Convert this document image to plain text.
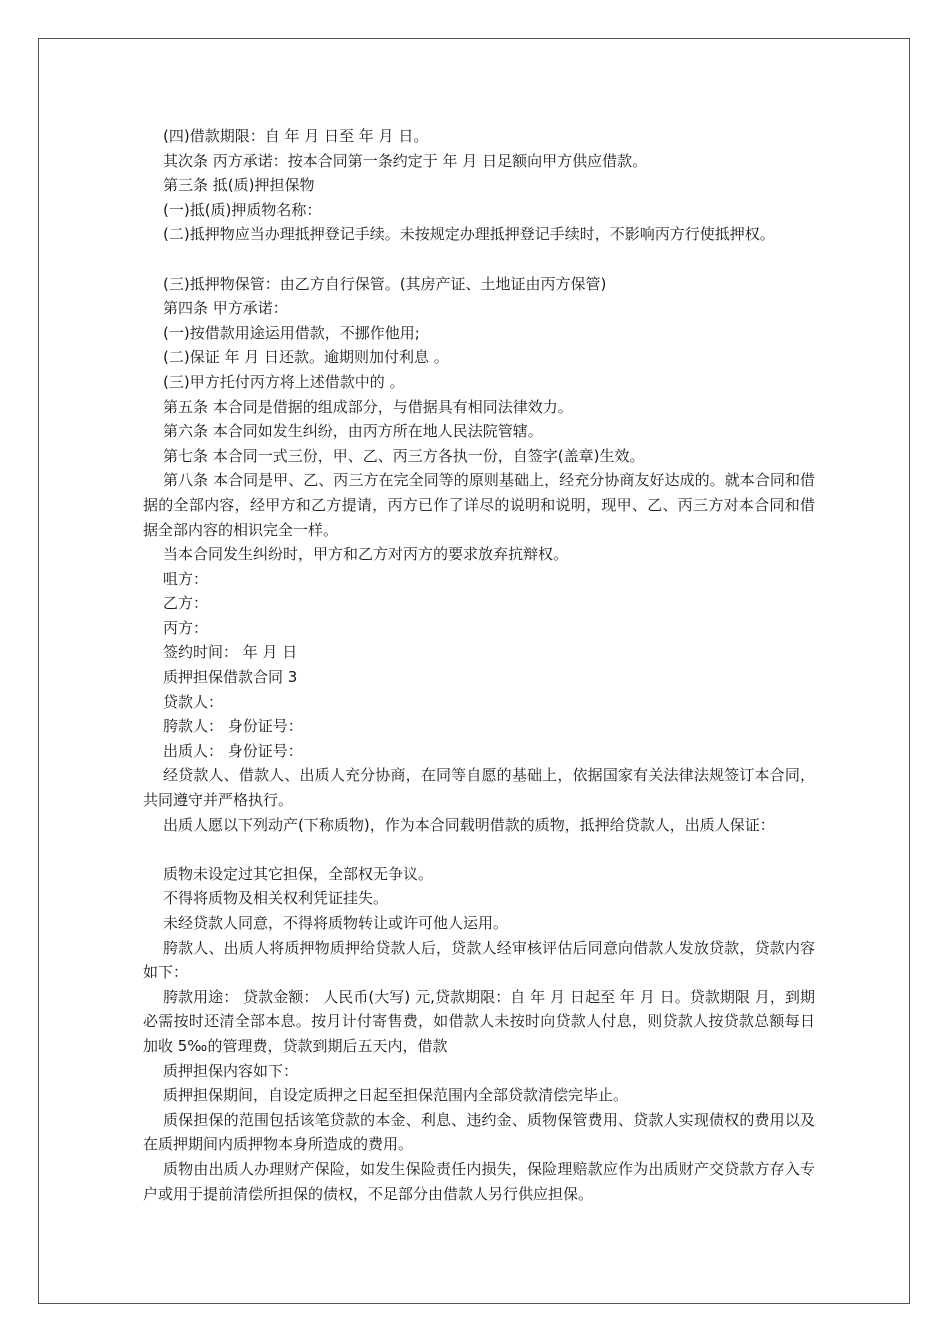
(四)借款期限：自 年 月 日至 年 月 日。

其次条 丙方承诺：按本合同第一条约定于 年 月 日足额向甲方供应借款。

第三条 抵(质)押担保物

(一)抵(质)押质物名称：

(二)抵押物应当办理抵押登记手续。未按规定办理抵押登记手续时，不影响丙方行使抵押权。

(三)抵押物保管：由乙方自行保管。(其房产证、土地证由丙方保管)

第四条 甲方承诺：

(一)按借款用途运用借款，不挪作他用;

(二)保证 年 月 日还款。逾期则加付利息 。

(三)甲方托付丙方将上述借款中的 。

第五条 本合同是借据的组成部分，与借据具有相同法律效力。

第六条 本合同如发生纠纷，由丙方所在地人民法院管辖。

第七条 本合同一式三份，甲、乙、丙三方各执一份，自签字(盖章)生效。

第八条 本合同是甲、乙、丙三方在完全同等的原则基础上，经充分协商友好达成的。就本合同和借据的全部内容，经甲方和乙方提请，丙方已作了详尽的说明和说明，现甲、乙、丙三方对本合同和借据全部内容的相识完全一样。

当本合同发生纠纷时，甲方和乙方对丙方的要求放弃抗辩权。

咀方：

乙方：

丙方：

签约时间： 年 月 日

质押担保借款合同 3

贷款人：

胯款人： 身份证号：

出质人： 身份证号：

经贷款人、借款人、出质人充分协商，在同等自愿的基础上，依据国家有关法律法规签订本合同，共同遵守并严格执行。

出质人愿以下列动产(下称质物)，作为本合同载明借款的质物，抵押给贷款人，出质人保证：

质物未设定过其它担保，全部权无争议。

不得将质物及相关权利凭证挂失。

未经贷款人同意，不得将质物转让或许可他人运用。

胯款人、出质人将质押物质押给贷款人后，贷款人经审核评估后同意向借款人发放贷款，贷款内容如下：

胯款用途： 贷款金额： 人民币(大写) 元,贷款期限：自 年 月 日起至 年 月 日。贷款期限 月，到期必需按时还清全部本息。按月计付寄售费，如借款人未按时向贷款人付息，则贷款人按贷款总额每日加收 5‰的管理费，贷款到期后五天内，借款

质押担保内容如下：

质押担保期间，自设定质押之日起至担保范围内全部贷款清偿完毕止。

质保担保的范围包括该笔贷款的本金、利息、违约金、质物保管费用、贷款人实现债权的费用以及在质押期间内质押物本身所造成的费用。

质物由出质人办理财产保险，如发生保险责任内损失，保险理赔款应作为出质财产交贷款方存入专户或用于提前清偿所担保的债权，不足部分由借款人另行供应担保。
